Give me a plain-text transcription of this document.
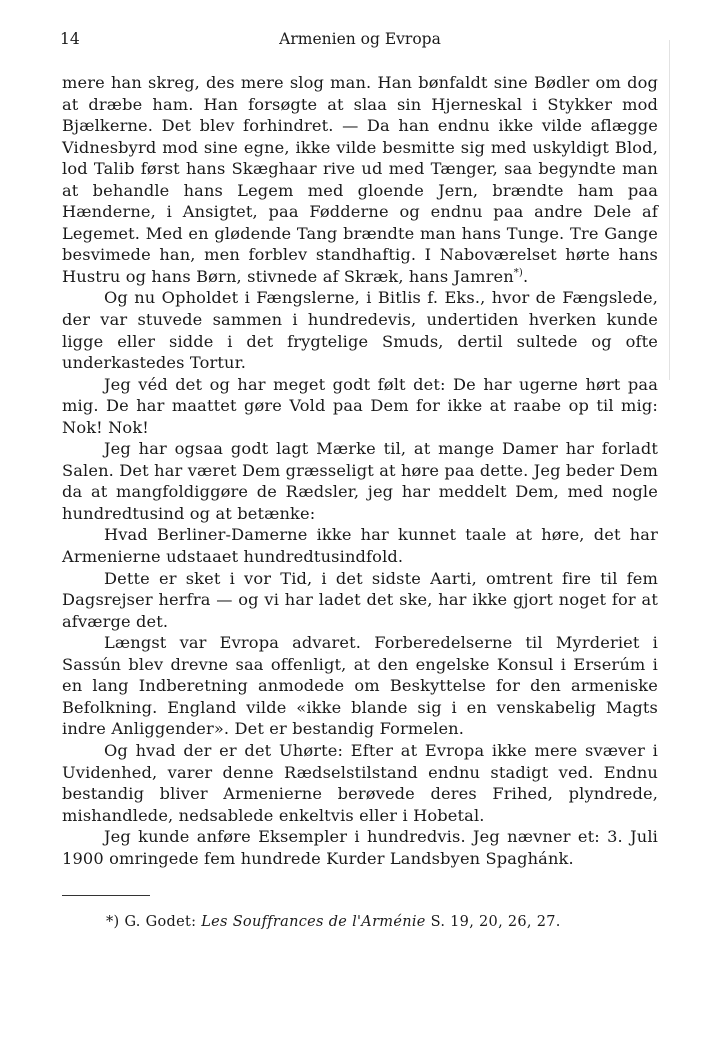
14	Armenien og Evropa

mere han skreg, des mere slog man. Han bønfaldt sine Bødler om dog at dræbe ham. Han forsøgte at slaa sin Hjerneskal i Stykker mod Bjælkerne. Det blev forhindret. — Da han endnu ikke vilde aflægge Vidnesbyrd mod sine egne, ikke vilde besmitte sig med uskyldigt Blod, lod Talib først hans Skæghaar rive ud med Tænger, saa begyndte man at behandle hans Legem med gloende Jern, brændte ham paa Hænderne, i Ansigtet, paa Fødderne og endnu paa andre Dele af Legemet. Med en glødende Tang brændte man hans Tunge. Tre Gange besvimede han, men forblev standhaftig. I Naboværelset hørte hans Hustru og hans Børn, stivnede af Skræk, hans Jamren*).

Og nu Opholdet i Fængslerne, i Bitlis f. Eks., hvor de Fængslede, der var stuvede sammen i hundredevis, undertiden hverken kunde ligge eller sidde i det frygtelige Smuds, dertil sultede og ofte underkastedes Tortur.

Jeg véd det og har meget godt følt det: De har ugerne hørt paa mig. De har maattet gøre Vold paa Dem for ikke at raabe op til mig: Nok! Nok!

Jeg har ogsaa godt lagt Mærke til, at mange Damer har forladt Salen. Det har været Dem græsseligt at høre paa dette. Jeg beder Dem da at mangfoldiggøre de Rædsler, jeg har meddelt Dem, med nogle hundredtusind og at betænke:

Hvad Berliner-Damerne ikke har kunnet taale at høre, det har Armenierne udstaaet hundredtusindfold.

Dette er sket i vor Tid, i det sidste Aarti, omtrent fire til fem Dagsrejser herfra — og vi har ladet det ske, har ikke gjort noget for at afværge det.

Længst var Evropa advaret. Forberedelserne til Myrderiet i Sassún blev drevne saa offenligt, at den engelske Konsul i Erserúm i en lang Indberetning anmodede om Beskyttelse for den armeniske Befolkning. England vilde «ikke blande sig i en venskabelig Magts indre Anliggender». Det er bestandig Formelen.

Og hvad der er det Uhørte: Efter at Evropa ikke mere svæver i Uvidenhed, varer denne Rædselstilstand endnu stadigt ved. Endnu bestandig bliver Armenierne berøvede deres Frihed, plyndrede, mishandlede, nedsablede enkeltvis eller i Hobetal.

Jeg kunde anføre Eksempler i hundredvis. Jeg nævner et: 3. Juli 1900 omringede fem hundrede Kurder Landsbyen Spaghánk.

*) G. Godet: Les Souffrances de l'Arménie S. 19, 20, 26, 27.
